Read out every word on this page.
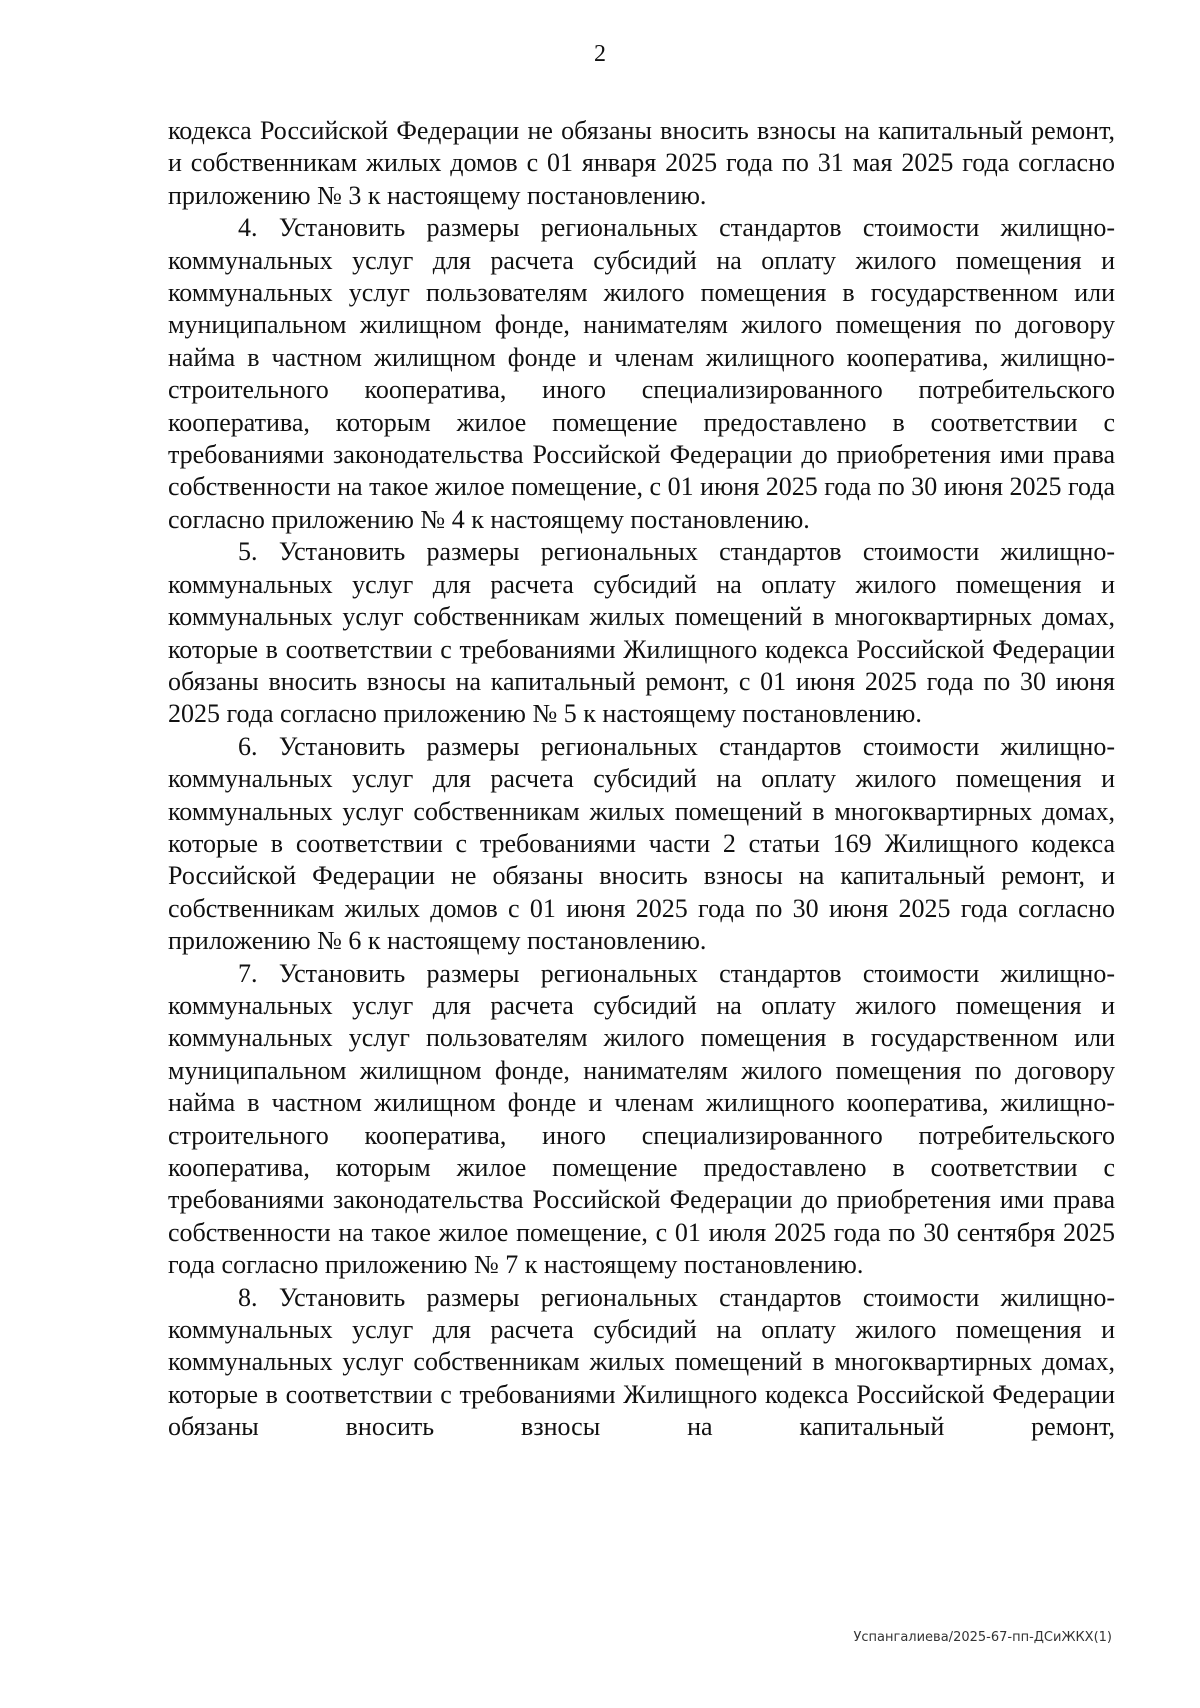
2

кодекса Российской Федерации не обязаны вносить взносы на капитальный ремонт, и собственникам жилых домов с 01 января 2025 года по 31 мая 2025 года согласно приложению № 3 к настоящему постановлению.

4. Установить размеры региональных стандартов стоимости жилищно-коммунальных услуг для расчета субсидий на оплату жилого помещения и коммунальных услуг пользователям жилого помещения в государственном или муниципальном жилищном фонде, нанимателям жилого помещения по договору найма в частном жилищном фонде и членам жилищного кооператива, жилищно-строительного кооператива, иного специализированного потребительского кооператива, которым жилое помещение предоставлено в соответствии с требованиями законодательства Российской Федерации до приобретения ими права собственности на такое жилое помещение, с 01 июня 2025 года по 30 июня 2025 года согласно приложению № 4 к настоящему постановлению.

5. Установить размеры региональных стандартов стоимости жилищно-коммунальных услуг для расчета субсидий на оплату жилого помещения и коммунальных услуг собственникам жилых помещений в многоквартирных домах, которые в соответствии с требованиями Жилищного кодекса Российской Федерации обязаны вносить взносы на капитальный ремонт, с 01 июня 2025 года по 30 июня 2025 года согласно приложению № 5 к настоящему постановлению.

6. Установить размеры региональных стандартов стоимости жилищно-коммунальных услуг для расчета субсидий на оплату жилого помещения и коммунальных услуг собственникам жилых помещений в многоквартирных домах, которые в соответствии с требованиями части 2 статьи 169 Жилищного кодекса Российской Федерации не обязаны вносить взносы на капитальный ремонт, и собственникам жилых домов с 01 июня 2025 года по 30 июня 2025 года согласно приложению № 6 к настоящему постановлению.

7. Установить размеры региональных стандартов стоимости жилищно-коммунальных услуг для расчета субсидий на оплату жилого помещения и коммунальных услуг пользователям жилого помещения в государственном или муниципальном жилищном фонде, нанимателям жилого помещения по договору найма в частном жилищном фонде и членам жилищного кооператива, жилищно-строительного кооператива, иного специализированного потребительского кооператива, которым жилое помещение предоставлено в соответствии с требованиями законодательства Российской Федерации до приобретения ими права собственности на такое жилое помещение, с 01 июля 2025 года по 30 сентября 2025 года согласно приложению № 7 к настоящему постановлению.

8. Установить размеры региональных стандартов стоимости жилищно-коммунальных услуг для расчета субсидий на оплату жилого помещения и коммунальных услуг собственникам жилых помещений в многоквартирных домах, которые в соответствии с требованиями Жилищного кодекса Российской Федерации обязаны вносить взносы на капитальный ремонт,

Успангалиева/2025-67-пп-ДСиЖКХ(1)
